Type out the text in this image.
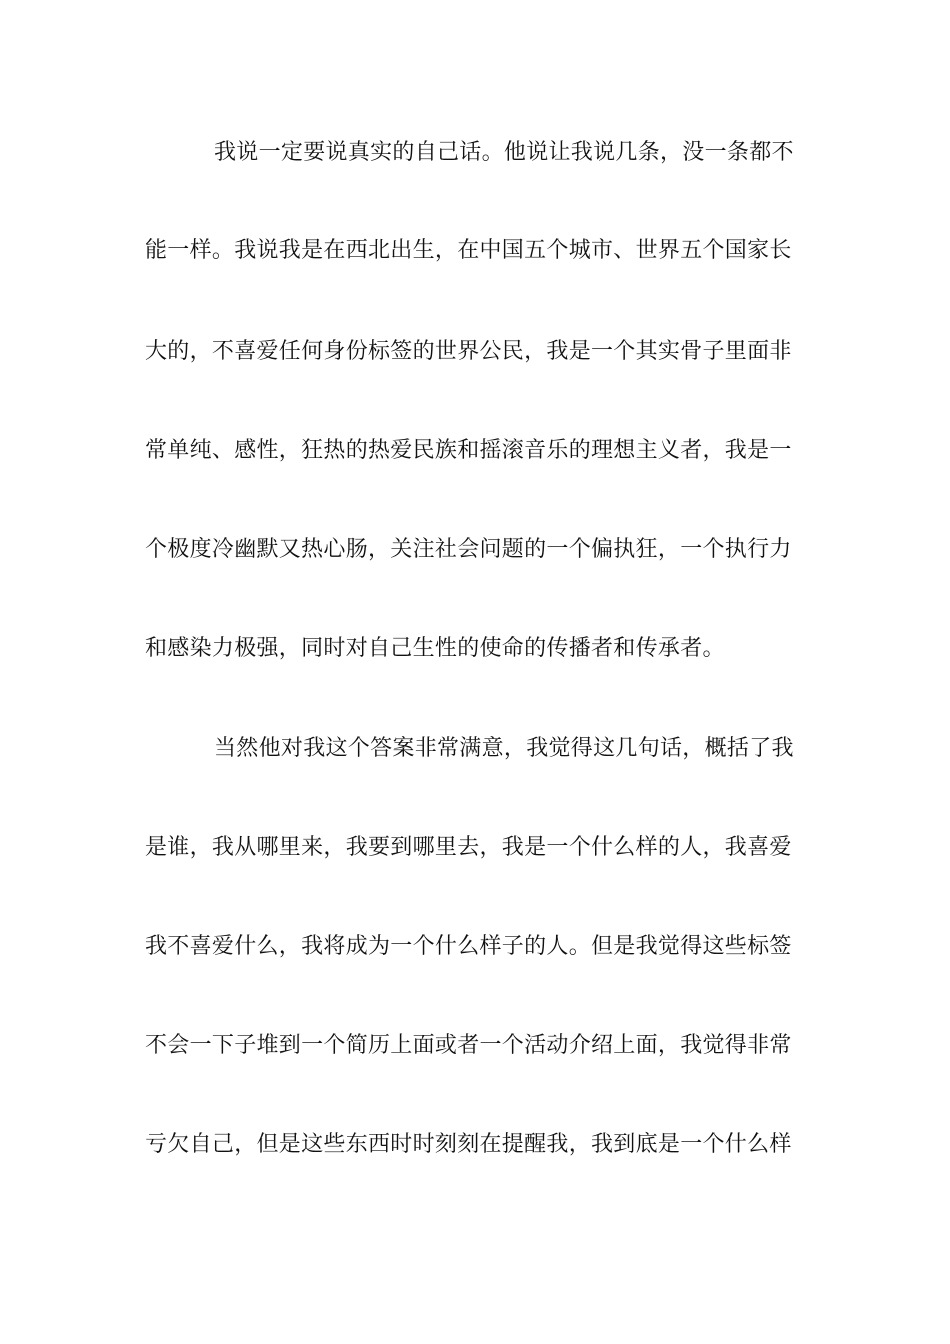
我说一定要说真实的自己话。他说让我说几条，没一条都不
能一样。我说我是在西北出生，在中国五个城市、世界五个国家长
大的，不喜爱任何身份标签的世界公民，我是一个其实骨子里面非
常单纯、感性，狂热的热爱民族和摇滚音乐的理想主义者，我是一
个极度冷幽默又热心肠，关注社会问题的一个偏执狂，一个执行力
和感染力极强，同时对自己生性的使命的传播者和传承者。
当然他对我这个答案非常满意，我觉得这几句话，概括了我
是谁，我从哪里来，我要到哪里去，我是一个什么样的人，我喜爱
我不喜爱什么，我将成为一个什么样子的人。但是我觉得这些标签
不会一下子堆到一个简历上面或者一个活动介绍上面，我觉得非常
亏欠自己，但是这些东西时时刻刻在提醒我，我到底是一个什么样
